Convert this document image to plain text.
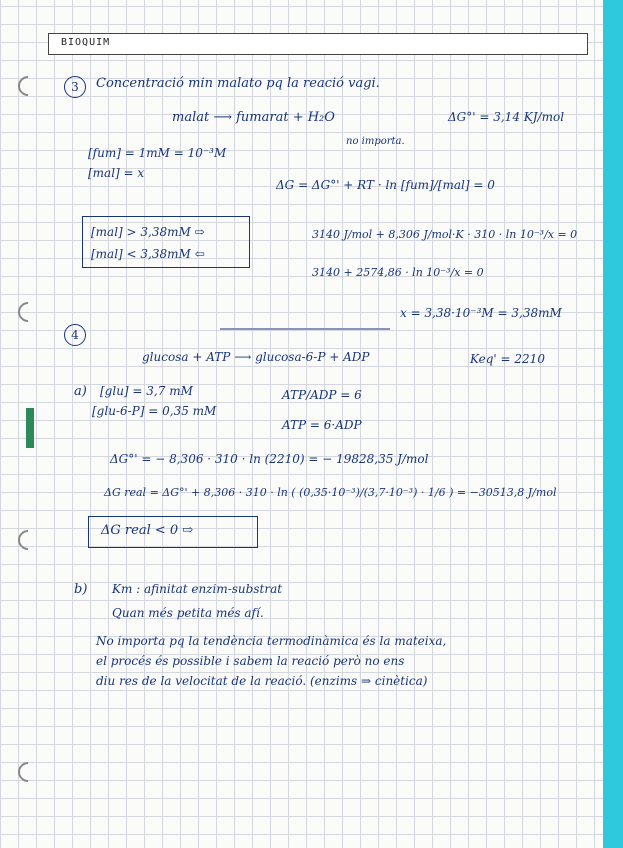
BIOQUIM
3	Concentració min malato pq la reació vagi.
malat ⟶ fumarat + H₂O	ΔG°' = 3,14 KJ/mol
no importa.
[fum] = 1mM = 10⁻³M
[mal] = x
ΔG = ΔG°' + RT · ln [fum]/[mal] = 0
[mal] > 3,38mM ⇨
[mal] < 3,38mM ⇦
3140 J/mol + 8,306 J/mol·K · 310 · ln 10⁻³/x = 0
3140 + 2574,86 · ln 10⁻³/x = 0
x = 3,38·10⁻³M = 3,38mM
4
glucosa + ATP ⟶ glucosa-6-P + ADP	Keq' = 2210
a) [glu] = 3,7 mM
[glu-6-P] = 0,35 mM
ATP/ADP = 6
ATP = 6·ADP
ΔG°' = − 8,306 · 310 · ln (2210) = − 19828,35 J/mol
ΔG real = ΔG°' + 8,306 · 310 · ln ( (0,35·10⁻³)/(3,7·10⁻³) · 1/6 ) = −30513,8 J/mol
ΔG real < 0 ⇨
b) Km : afinitat enzim-substrat
Quan més petita més afí.
No importa pq la tendència termodinàmica és la mateixa,
el procés és possible i sabem la reació però no ens
diu res de la velocitat de la reació. (enzims ⇒ cinètica)
